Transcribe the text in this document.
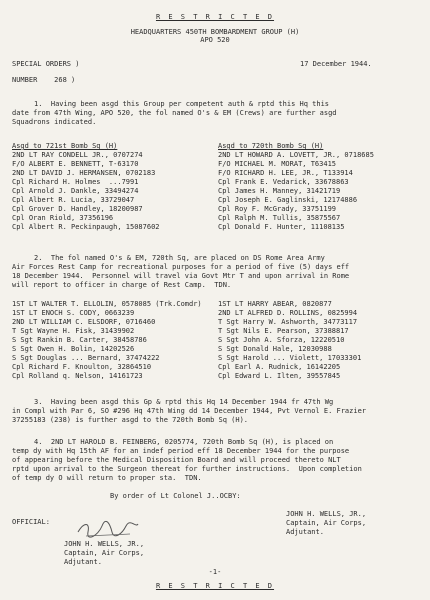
R E S T R I C T E D
HEADQUARTERS 450TH BOMBARDMENT GROUP (H)
APO 520
SPECIAL ORDERS )	17 December 1944.
NUMBER    268 )
1.  Having been asgd this Group per competent auth & rptd this Hq this
date from 47th Wing, APO 520, the fol named O's & EM (Crews) are further asgd
Squadrons indicated.
Asgd to 721st Bomb Sq (H)
2ND LT RAY CONDELL JR., 0707274
F/O ALBERT E. BENNETT, T-63170
2ND LT DAVID J. HERMANSEN, 0702183
Cpl Richard H. Holmes  ...7991
Cpl Arnold J. Dankle, 33494274
Cpl Albert R. Lucia, 33729047
Cpl Grover D. Handley, 18200987
Cpl Oran Riold, 37356196
Cpl Albert R. Peckinpaugh, 15087602
Asgd to 720th Bomb Sq (H)
2ND LT HOWARD A. LOVETT, JR., 0718685
F/O MICHAEL M. MORAT, T63415
F/O RICHARD H. LEE, JR., T133914
Cpl Frank E. Vedarick, 33678863
Cpl James H. Manney, 31421719
Cpl Joseph E. Gaglinski, 12174886
Cpl Roy F. McGrady, 33751199
Cpl Ralph M. Tullis, 35875567
Cpl Donald F. Hunter, 11108135
2.  The fol named O's & EM, 720th Sq, are placed on DS Rome Area Army
Air Forces Rest Camp for recreational purposes for a period of five (5) days eff
18 December 1944.  Personnel will travel via Govt Mtr T and upon arrival in Rome
will report to officer in charge of Rest Camp.  TDN.
1ST LT WALTER T. ELLOLIN, 0578085 (Trk.Comdr)
1ST LT ENOCH S. CODY, 0663239
2ND LT WILLIAM C. ELSDORF, 0716460
T Sgt Wayne H. Fisk, 31439902
S Sgt Rankin B. Carter, 38458786
S Sgt Owen H. Bolin, 14202526
S Sgt Douglas ... Bernard, 37474222
Cpl Richard F. Knoulton, 32864510
Cpl Rolland q. Nelson, 14161723
1ST LT HARRY ABEAR, 0820877
2ND LT ALFRED D. ROLLINS, 0825994
T Sgt Harry W. Ashworth, 34773117
T Sgt Nils E. Pearson, 37388817
S Sgt John A. Sforza, 12220510
S Sgt Donald Hale, 12030988
S Sgt Harold ... Violett, 17033301
Cpl Earl A. Rudnick, 16142205
Cpl Edward L. Ilten, 39557845
3.  Having been asgd this Gp & rptd this Hq 14 December 1944 fr 47th Wg
in Compl with Par 6, SO #296 Hq 47th Wing dd 14 December 1944, Pvt Vernol E. Frazier
37255183 (238) is further asgd to the 720th Bomb Sq (H).
4.  2ND LT HAROLD B. FEINBERG, 0205774, 720th Bomb Sq (H), is placed on
temp dy with Hq 15th AF for an indef period eff 18 December 1944 for the purpose
of appearing before the Medical Disposition Board and will proceed thereto NLT
rptd upon arrival to the Surgeon thereat for further instructions.  Upon completion
of temp dy O will return to proper sta.  TDN.
By order of Lt Colonel J..OCBY:
JOHN H. WELLS, JR.,
Captain, Air Corps,
Adjutant.
OFFICIAL:
JOHN H. WELLS, JR.,
Captain, Air Corps,
Adjutant.
-1-
R E S T R I C T E D
